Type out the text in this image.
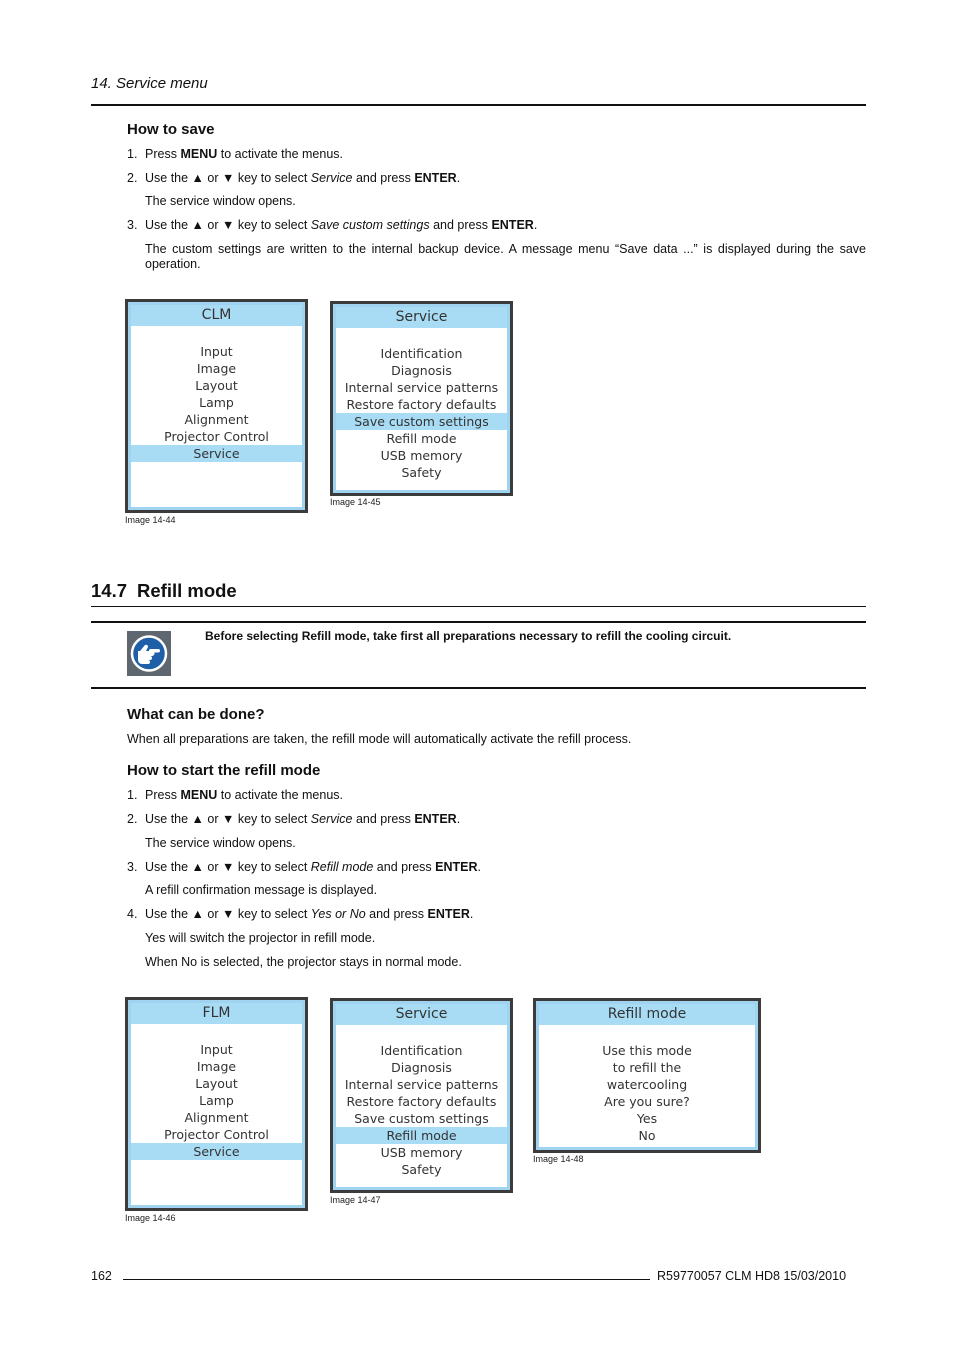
14. Service menu
How to save
1. Press MENU to activate the menus.
2. Use the ▲ or ▼ key to select Service and press ENTER.
The service window opens.
3. Use the ▲ or ▼ key to select Save custom settings and press ENTER.
The custom settings are written to the internal backup device. A message menu “Save data ...” is displayed during the save operation.
CLM
Input
Image
Layout
Lamp
Alignment
Projector Control
Service
Image 14-44
Service
Identification
Diagnosis
Internal service patterns
Restore factory defaults
Save custom settings
Refill mode
USB memory
Safety
Image 14-45
14.7 Refill mode
Before selecting Refill mode, take first all preparations necessary to refill the cooling circuit.
What can be done?
When all preparations are taken, the refill mode will automatically activate the refill process.
How to start the refill mode
1. Press MENU to activate the menus.
2. Use the ▲ or ▼ key to select Service and press ENTER.
The service window opens.
3. Use the ▲ or ▼ key to select Refill mode and press ENTER.
A refill confirmation message is displayed.
4. Use the ▲ or ▼ key to select Yes or No and press ENTER.
Yes will switch the projector in refill mode.
When No is selected, the projector stays in normal mode.
FLM
Input
Image
Layout
Lamp
Alignment
Projector Control
Service
Image 14-46
Service
Identification
Diagnosis
Internal service patterns
Restore factory defaults
Save custom settings
Refill mode
USB memory
Safety
Image 14-47
Refill mode
Use this mode
to refill the
watercooling
Are you sure?
Yes
No
Image 14-48
162	R59770057 CLM HD8 15/03/2010
